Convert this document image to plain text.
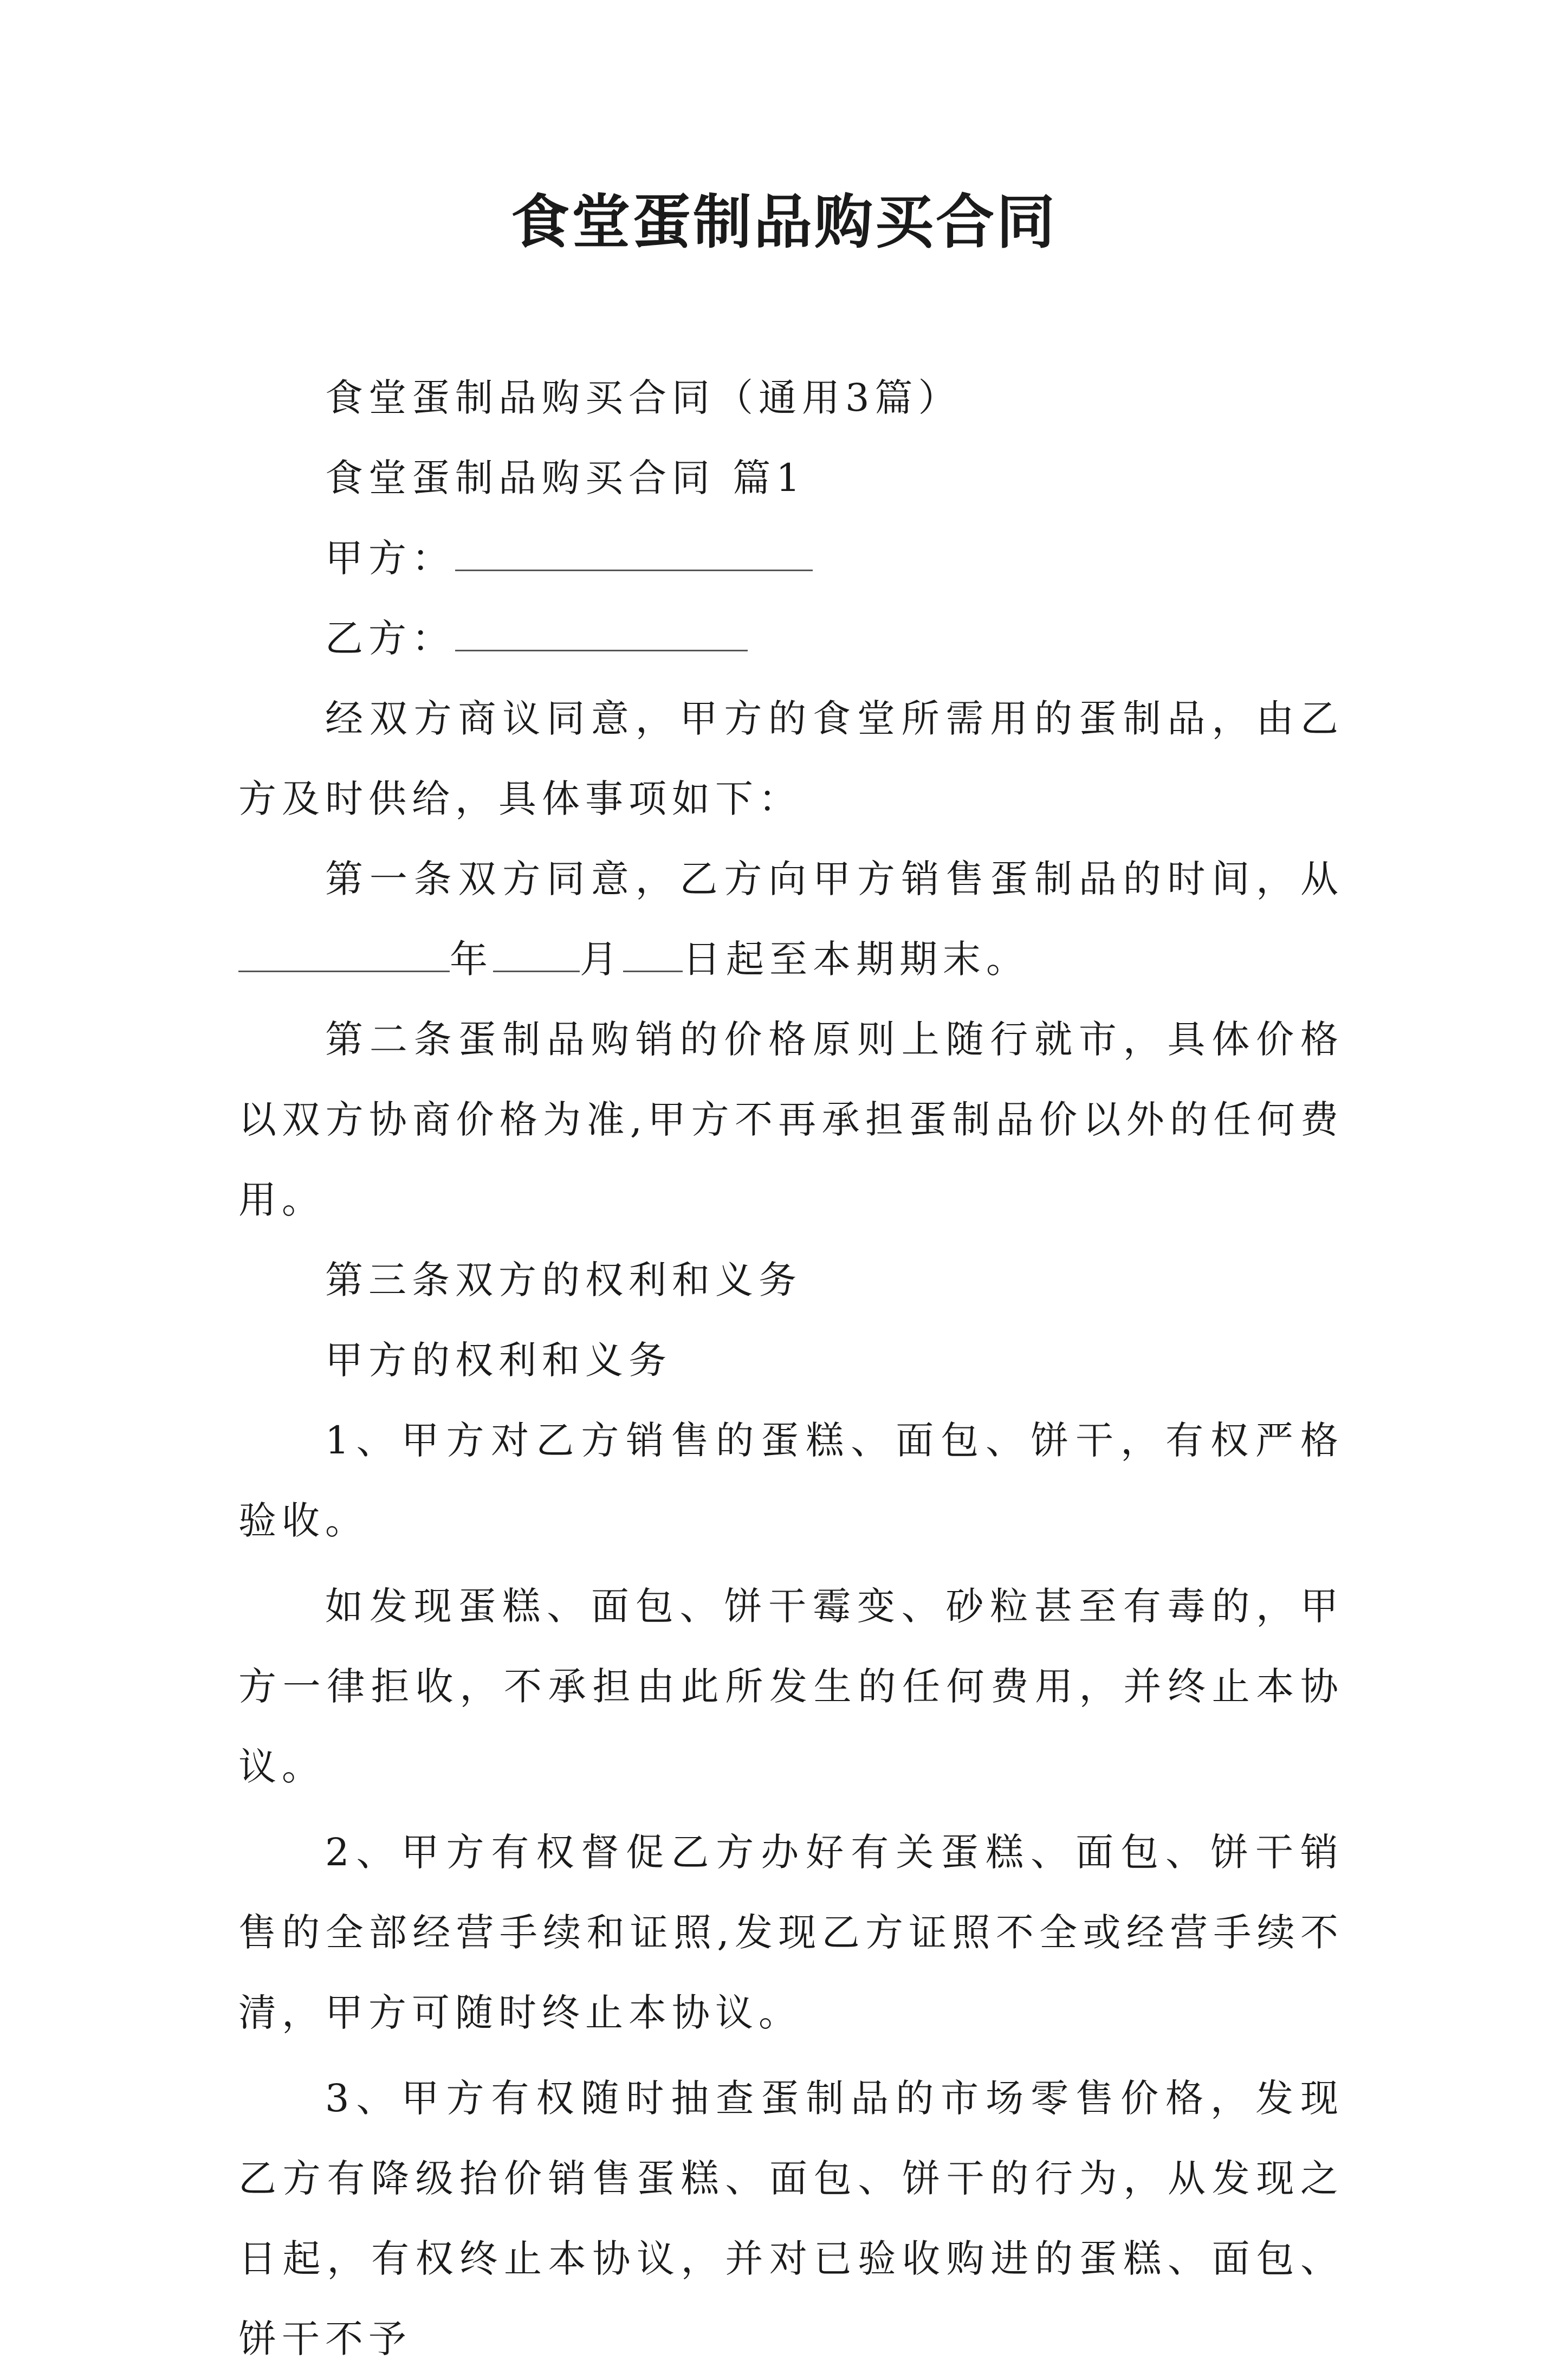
食堂蛋制品购买合同

食堂蛋制品购买合同（通用3篇）

食堂蛋制品购买合同 篇1

甲方：

乙方：

经双方商议同意，甲方的食堂所需用的蛋制品，由乙方及时供给，具体事项如下：

第一条双方同意，乙方向甲方销售蛋制品的时间，从年 月 日起至本期期末。

第二条蛋制品购销的价格原则上随行就市，具体价格以双方协商价格为准,甲方不再承担蛋制品价以外的任何费用。

第三条双方的权利和义务

甲方的权利和义务

1、甲方对乙方销售的蛋糕、面包、饼干，有权严格验收。

如发现蛋糕、面包、饼干霉变、砂粒甚至有毒的，甲方一律拒收，不承担由此所发生的任何费用，并终止本协议。

2、甲方有权督促乙方办好有关蛋糕、面包、饼干销售的全部经营手续和证照,发现乙方证照不全或经营手续不清，甲方可随时终止本协议。

3、甲方有权随时抽查蛋制品的市场零售价格，发现乙方有降级抬价销售蛋糕、面包、饼干的行为，从发现之日起，有权终止本协议，并对已验收购进的蛋糕、面包、饼干不予
